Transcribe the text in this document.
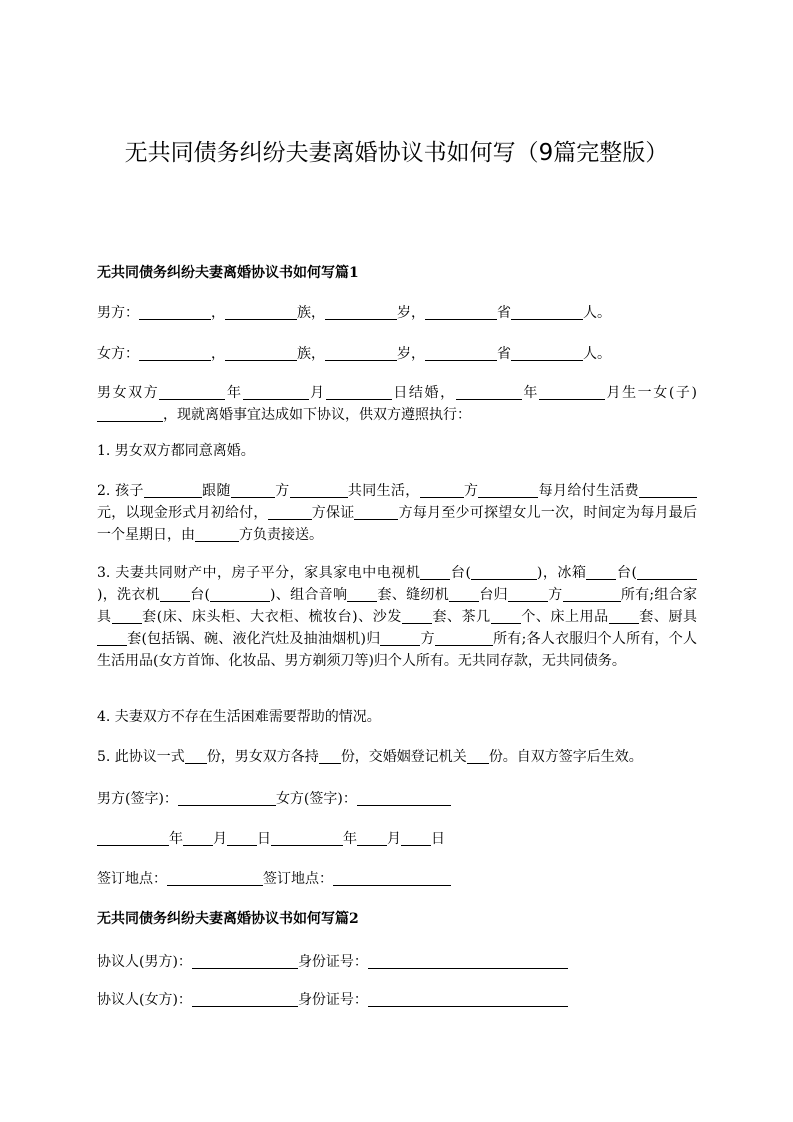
无共同债务纠纷夫妻离婚协议书如何写（9篇完整版）
无共同债务纠纷夫妻离婚协议书如何写篇1
男方：	，	族，	岁，	省	人。
女方：	，	族，	岁，	省	人。
男女双方	年	月	日结婚，	年	月生一女(子)，现就离婚事宜达成如下协议，供双方遵照执行：
1. 男女双方都同意离婚。
2. 孩子	跟随	方	共同生活，	方	每月给付生活费元，以现金形式月初给付，	方保证	方每月至少可探望女儿一次，时间定为每月最后一个星期日，由	方负责接送。
3. 夫妻共同财产中，房子平分，家具家电中电视机 台(	)，冰箱 台()，洗衣机 台(	)、组合音响 套、缝纫机 台归	方	所有;组合家具 套(床、床头柜、大衣柜、梳妆台)、沙发 套、茶几 个、床上用品 套、厨具套(包括锅、碗、液化汽灶及抽油烟机)归	方	所有;各人衣服归个人所有，个人生活用品(女方首饰、化妆品、男方剃须刀等)归个人所有。无共同存款，无共同债务。
4. 夫妻双方不存在生活困难需要帮助的情况。
5. 此协议一式 份，男女双方各持 份，交婚姻登记机关 份。自双方签字后生效。
男方(签字)：	女方(签字)：
年 月 日	年 月 日
签订地点：	签订地点：
无共同债务纠纷夫妻离婚协议书如何写篇2
协议人(男方)：	身份证号：
协议人(女方)：	身份证号：
